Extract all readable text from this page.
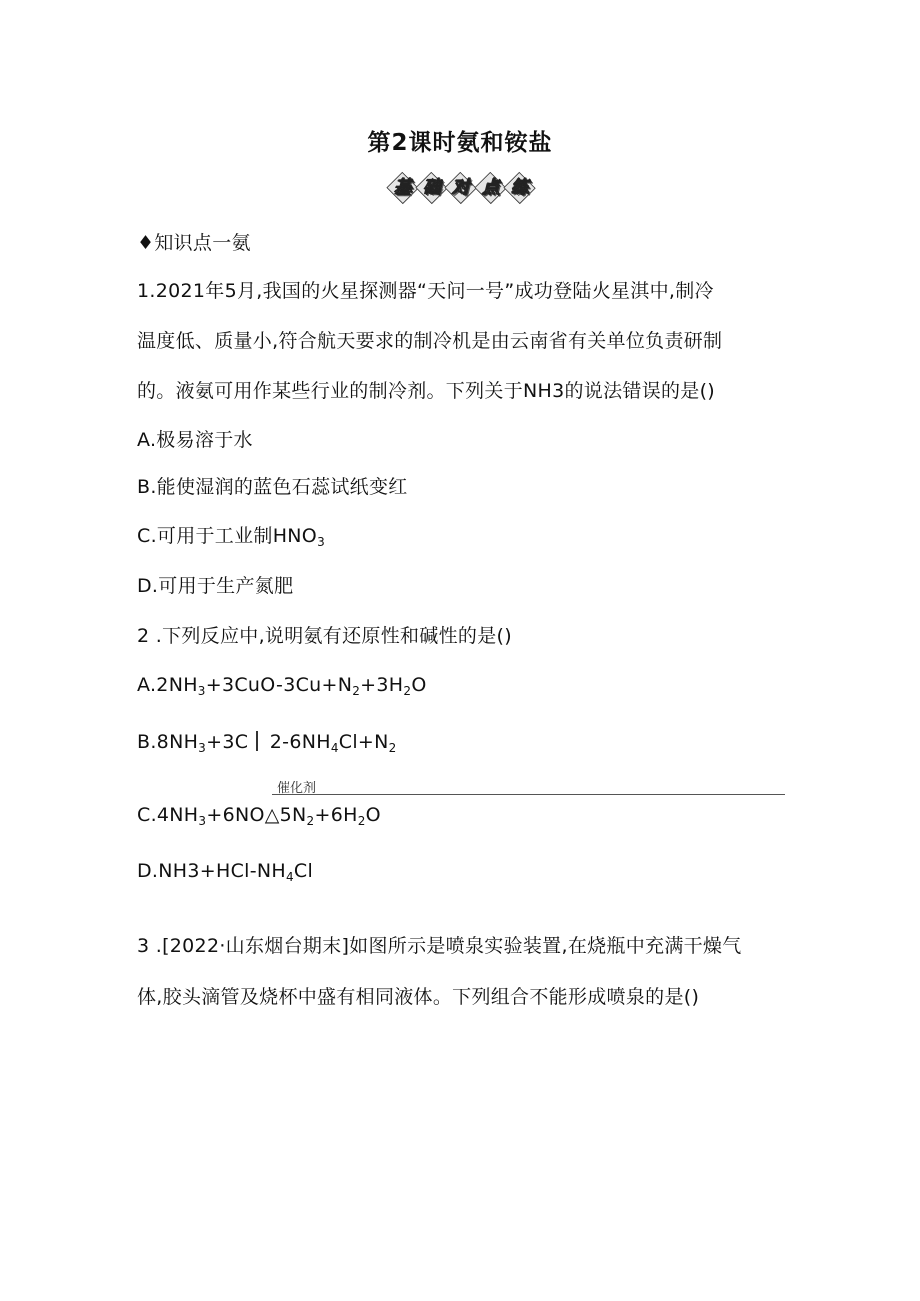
第2课时氨和铵盐
基 础 对 点 练
♦知识点一氨
1.2021年5月,我国的火星探测器“天问一号”成功登陆火星淇中,制冷
温度低、质量小,符合航天要求的制冷机是由云南省有关单位负责研制
的。液氨可用作某些行业的制冷剂。下列关于NH3的说法错误的是()
A.极易溶于水
B.能使湿润的蓝色石蕊试纸变红
C.可用于工业制$HNO_3$
D.可用于生产氮肥
2 .下列反应中,说明氨有还原性和碱性的是()
$A.2NH_3+3CuO-3Cu+N_2+3H_2O$
$B.8NH_3+3C$ $2-6NH_4Cl+N_2$
催化剂
$C.4NH_3+6NO\triangle 5N_2+6H_2O$
$D.NH3+HCl-NH_4Cl$
3 .[2022·山东烟台期末]如图所示是喷泉实验装置,在烧瓶中充满干燥气
体,胶头滴管及烧杯中盛有相同液体。下列组合不能形成喷泉的是()
